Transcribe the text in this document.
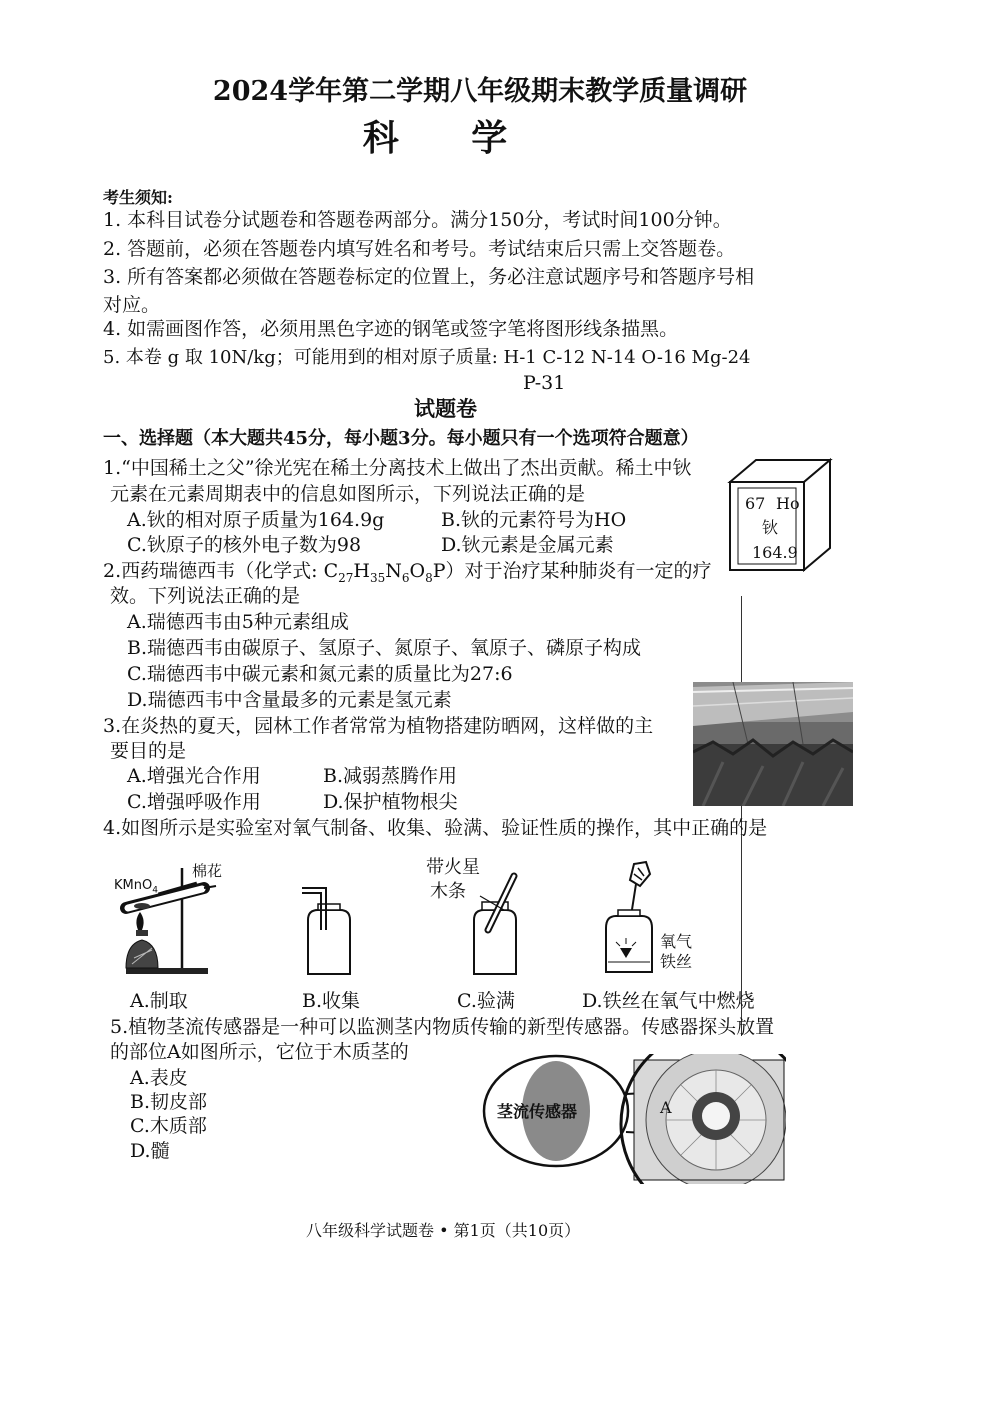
2024学年第二学期八年级期末教学质量调研
科 学
考生须知:
1. 本科目试卷分试题卷和答题卷两部分。满分150分，考试时间100分钟。
2. 答题前，必须在答题卷内填写姓名和考号。考试结束后只需上交答题卷。
3. 所有答案都必须做在答题卷标定的位置上，务必注意试题序号和答题序号相
对应。
4. 如需画图作答，必须用黑色字迹的钢笔或签字笔将图形线条描黑。
5. 本卷 g 取 10N/kg；可能用到的相对原子质量: H-1 C-12 N-14 O-16 Mg-24
P-31
试题卷
一、选择题（本大题共45分，每小题3分。每小题只有一个选项符合题意）
1.“中国稀土之父”徐光宪在稀土分离技术上做出了杰出贡献。稀土中钬
元素在元素周期表中的信息如图所示，下列说法正确的是
A.钬的相对原子质量为164.9g	B.钬的元素符号为HO
C.钬原子的核外电子数为98	D.钬元素是金属元素
67 Ho
钬
164.9
2.西药瑞德西韦（化学式: $C_{27}H_{35}N_6O_8P$）对于治疗某种肺炎有一定的疗
效。下列说法正确的是
A.瑞德西韦由5种元素组成
B.瑞德西韦由碳原子、氢原子、氮原子、氧原子、磷原子构成
C.瑞德西韦中碳元素和氮元素的质量比为27:6
D.瑞德西韦中含量最多的元素是氢元素
3.在炎热的夏天，园林工作者常常为植物搭建防晒网，这样做的主
要目的是
A.增强光合作用	B.减弱蒸腾作用
C.增强呼吸作用	D.保护植物根尖
4.如图所示是实验室对氧气制备、收集、验满、验证性质的操作，其中正确的是
KMnO$_4$
棉花	带火星
木条
氧气
铁丝
A.制取	B.收集	C.验满	D.铁丝在氧气中燃烧
5.植物茎流传感器是一种可以监测茎内物质传输的新型传感器。传感器探头放置
的部位A如图所示，它位于木质茎的
A.表皮
B.韧皮部
C.木质部
D.髓
茎流传感器	A
八年级科学试题卷 • 第1页（共10页）
